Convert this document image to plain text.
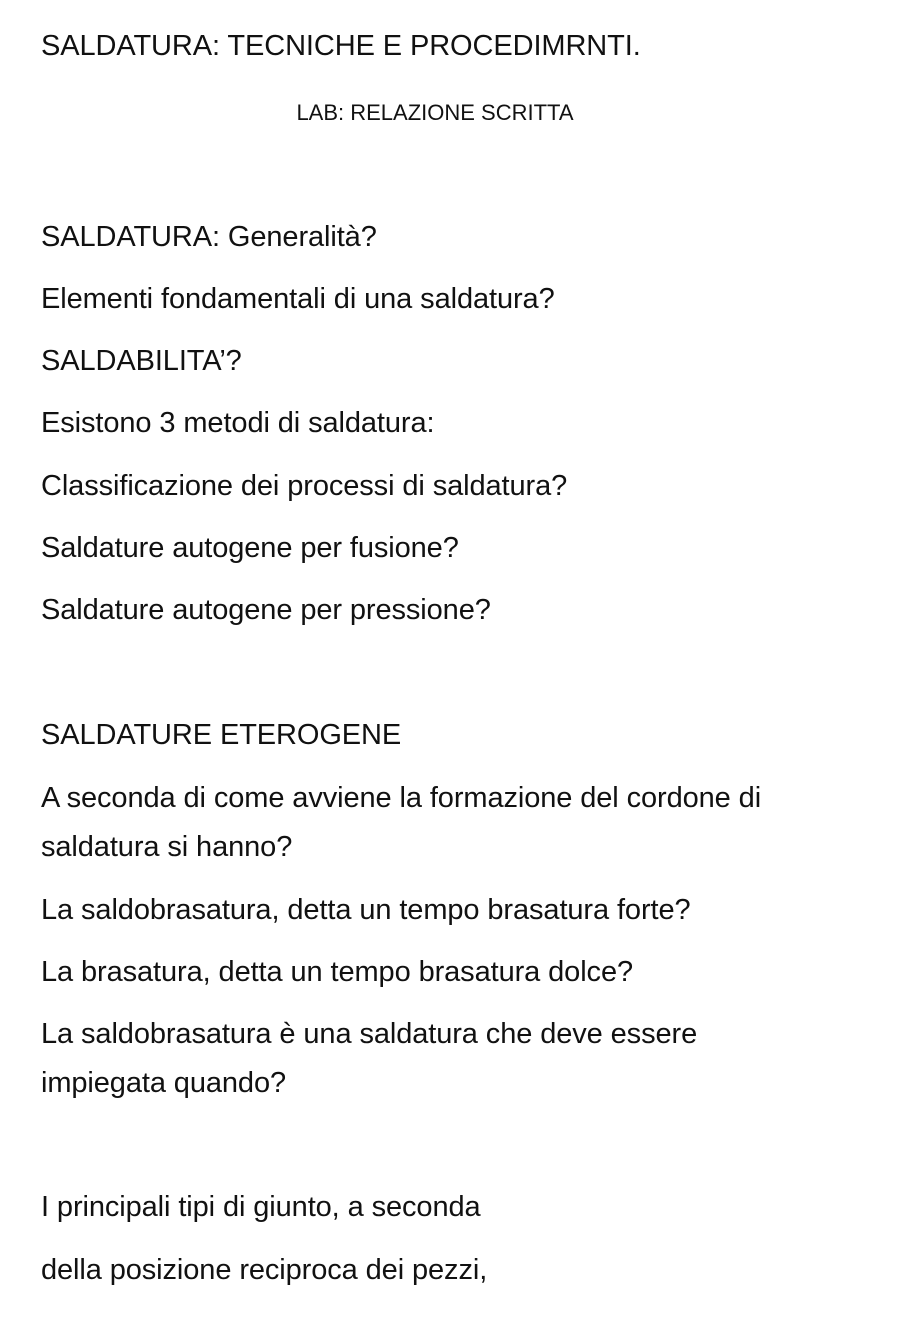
SALDATURA: TECNICHE E PROCEDIMRNTI.
LAB: RELAZIONE SCRITTA
SALDATURA: Generalità?
Elementi fondamentali di una saldatura?
SALDABILITA’?
Esistono 3 metodi di saldatura:
Classificazione dei processi di saldatura?
Saldature autogene per fusione?
Saldature autogene per pressione?
SALDATURE ETEROGENE
A seconda di come avviene la formazione del cordone di
saldatura si hanno?
La saldobrasatura, detta un tempo brasatura forte?
La brasatura, detta un tempo brasatura dolce?
La saldobrasatura è una saldatura che deve essere
impiegata quando?
I principali tipi di giunto, a seconda
della posizione reciproca dei pezzi,
